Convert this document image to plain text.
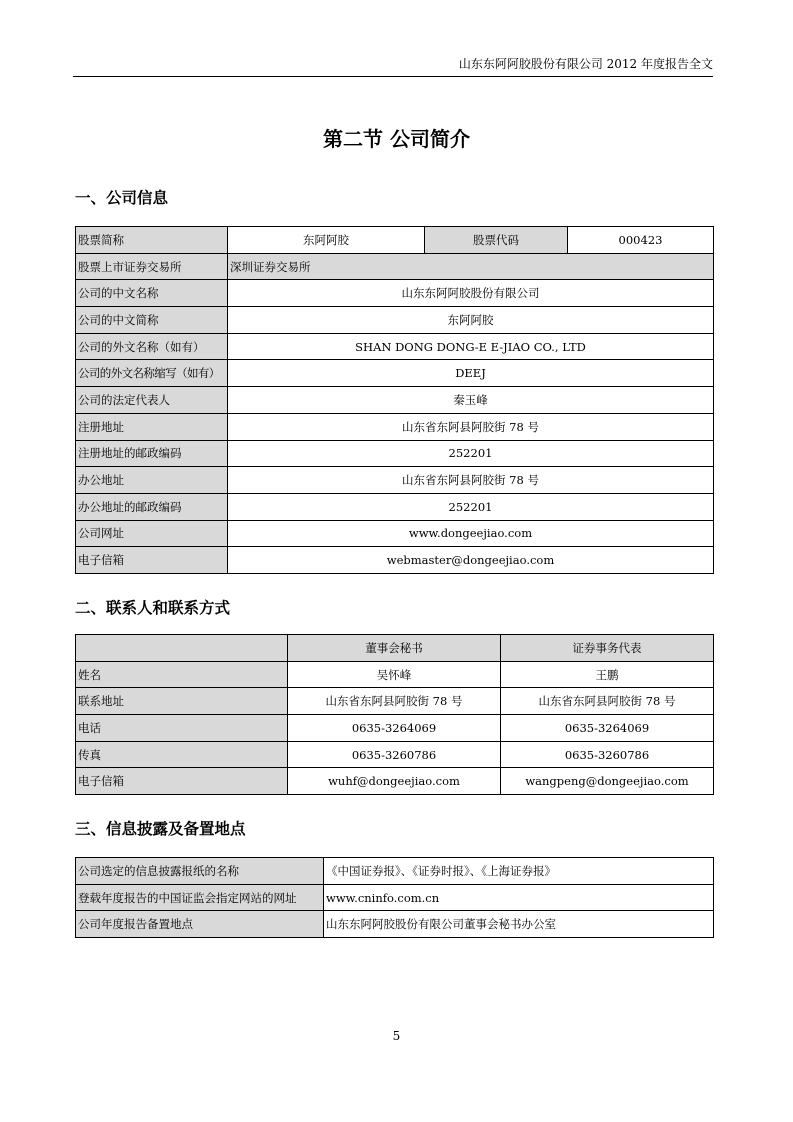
山东东阿阿胶股份有限公司 2012 年度报告全文
第二节 公司简介
一、公司信息
股票简称	东阿阿胶	股票代码	000423
股票上市证券交易所	深圳证券交易所		
公司的中文名称	山东东阿阿胶股份有限公司		
公司的中文简称	东阿阿胶		
公司的外文名称（如有）	SHAN DONG DONG-E E-JIAO CO., LTD		
公司的外文名称缩写（如有）	DEEJ		
公司的法定代表人	秦玉峰		
注册地址	山东省东阿县阿胶街 78 号		
注册地址的邮政编码	252201		
办公地址	山东省东阿县阿胶街 78 号		
办公地址的邮政编码	252201		
公司网址	www.dongeejiao.com		
电子信箱	webmaster@dongeejiao.com		
二、联系人和联系方式
	董事会秘书	证券事务代表
姓名	吴怀峰	王鹏
联系地址	山东省东阿县阿胶街 78 号	山东省东阿县阿胶街 78 号
电话	0635-3264069	0635-3264069
传真	0635-3260786	0635-3260786
电子信箱	wuhf@dongeejiao.com	wangpeng@dongeejiao.com
三、信息披露及备置地点
公司选定的信息披露报纸的名称	《中国证券报》、《证券时报》、《上海证券报》
登载年度报告的中国证监会指定网站的网址	www.cninfo.com.cn
公司年度报告备置地点	山东东阿阿胶股份有限公司董事会秘书办公室
5
